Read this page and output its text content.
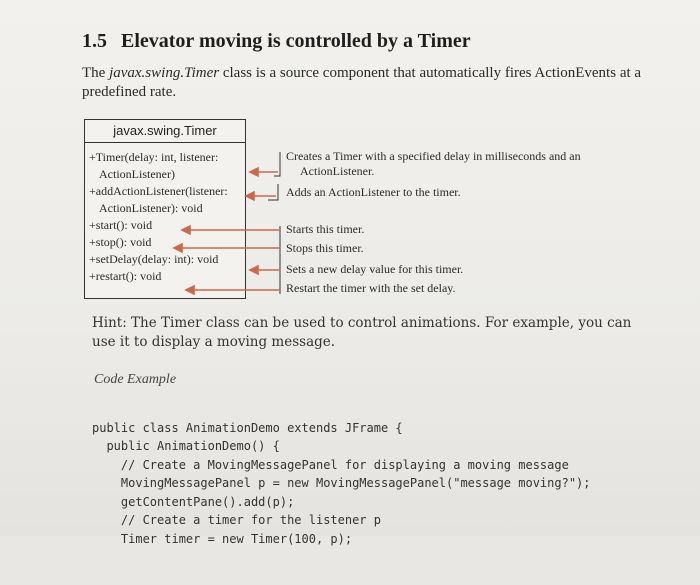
1.5 Elevator moving is controlled by a Timer
The javax.swing.Timer class is a source component that automatically fires ActionEvents at a predefined rate.
javax.swing.Timer
+Timer(delay: int, listener:
ActionListener)
+addActionListener(listener:
ActionListener): void
+start(): void
+stop(): void
+setDelay(delay: int): void
+restart(): void
Creates a Timer with a specified delay in milliseconds and an
ActionListener.
Adds an ActionListener to the timer.
Starts this timer.
Stops this timer.
Sets a new delay value for this timer.
Restart the timer with the set delay.
Hint: The Timer class can be used to control animations. For example, you can use it to display a moving message.
Code Example

public class AnimationDemo extends JFrame {
public AnimationDemo() {
// Create a MovingMessagePanel for displaying a moving message
MovingMessagePanel p = new MovingMessagePanel("message moving?");
getContentPane().add(p);
// Create a timer for the listener p
Timer timer = new Timer(100, p);
